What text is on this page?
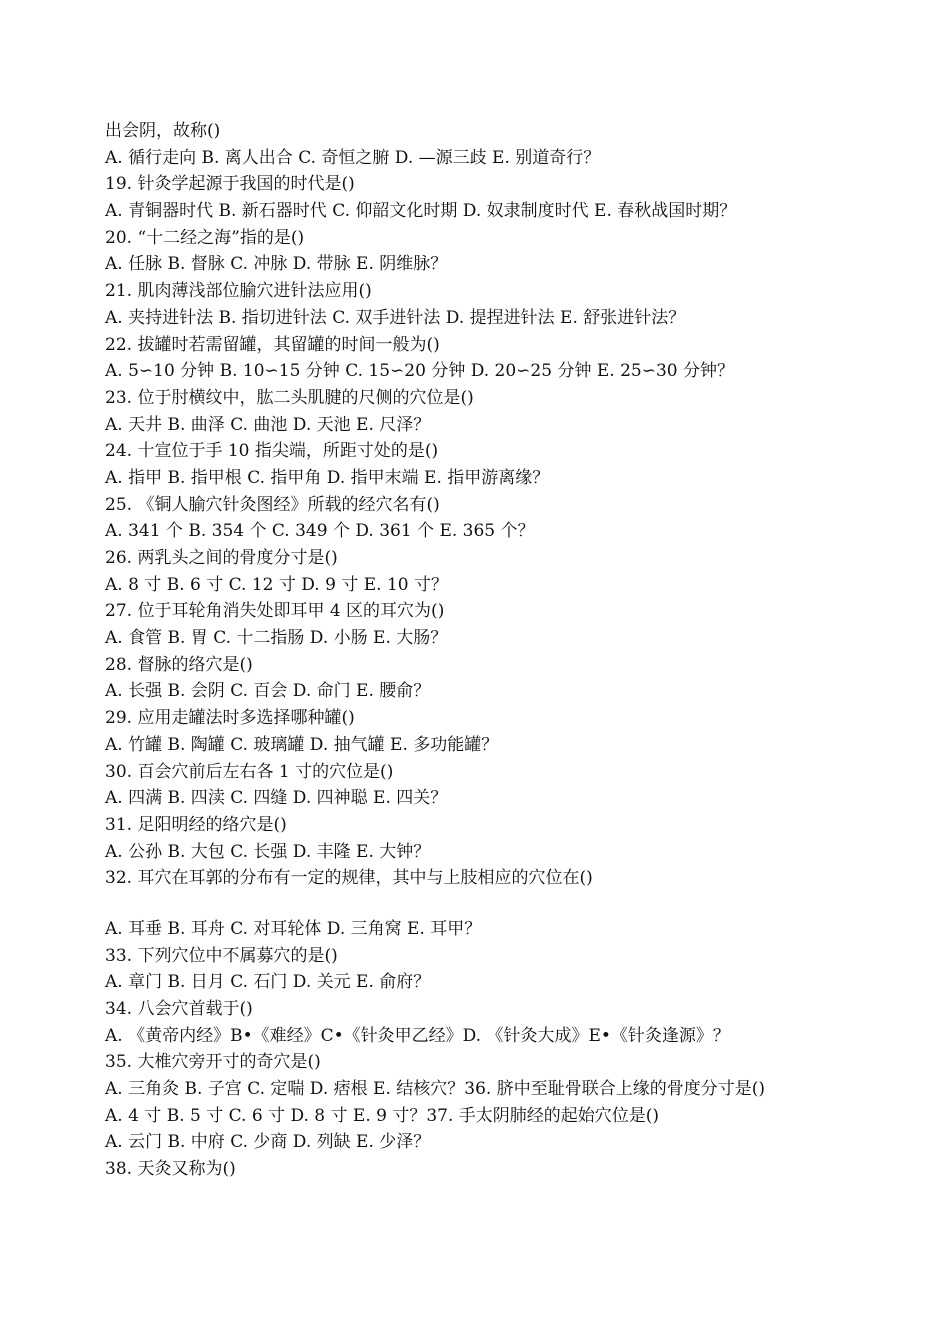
出会阴，故称()
A. 循行走向 B. 离人出合 C. 奇恒之腑 D. —源三歧 E. 别道奇行？
19. 针灸学起源于我国的时代是()
A. 青铜器时代 B. 新石器时代 C. 仰韶文化时期 D. 奴隶制度时代 E. 春秋战国时期？
20. “十二经之海”指的是()
A. 任脉 B. 督脉 C. 冲脉 D. 带脉 E. 阴维脉？
21. 肌肉薄浅部位腧穴进针法应用()
A. 夹持进针法 B. 指切进针法 C. 双手进针法 D. 提捏进针法 E. 舒张进针法？
22. 拔罐时若需留罐，其留罐的时间一般为()
A. 5∽10 分钟 B. 10∽15 分钟 C. 15∽20 分钟 D. 20∽25 分钟 E. 25∽30 分钟？
23. 位于肘横纹中，肱二头肌腱的尺侧的穴位是()
A. 天井 B. 曲泽 C. 曲池 D. 天池 E. 尺泽？
24. 十宣位于手 10 指尖端，所距寸处的是()
A. 指甲 B. 指甲根 C. 指甲角 D. 指甲末端 E. 指甲游离缘？
25. 《铜人腧穴针灸图经》所载的经穴名有()
A. 341 个 B. 354 个 C. 349 个 D. 361 个 E. 365 个？
26. 两乳头之间的骨度分寸是()
A. 8 寸 B. 6 寸 C. 12 寸 D. 9 寸 E. 10 寸？
27. 位于耳轮角消失处即耳甲 4 区的耳穴为()
A. 食管 B. 胃 C. 十二指肠 D. 小肠 E. 大肠？
28. 督脉的络穴是()
A. 长强 B. 会阴 C. 百会 D. 命门 E. 腰俞？
29. 应用走罐法时多选择哪种罐()
A. 竹罐 B. 陶罐 C. 玻璃罐 D. 抽气罐 E. 多功能罐？
30. 百会穴前后左右各 1 寸的穴位是()
A. 四满 B. 四渎 C. 四缝 D. 四神聪 E. 四关？
31. 足阳明经的络穴是()
A. 公孙 B. 大包 C. 长强 D. 丰隆 E. 大钟？
32. 耳穴在耳郭的分布有一定的规律，其中与上肢相应的穴位在()
A. 耳垂 B. 耳舟 C. 对耳轮体 D. 三角窝 E. 耳甲？
33. 下列穴位中不属募穴的是()
A. 章门 B. 日月 C. 石门 D. 关元 E. 俞府？
34. 八会穴首载于()
A. 《黄帝内经》B•《难经》C•《针灸甲乙经》D. 《针灸大成》E•《针灸逢源》？
35. 大椎穴旁开寸的奇穴是()
A. 三角灸 B. 子宫 C. 定喘 D. 痞根 E. 结核穴？36. 脐中至耻骨联合上缘的骨度分寸是()
A. 4 寸 B. 5 寸 C. 6 寸 D. 8 寸 E. 9 寸？37. 手太阴肺经的起始穴位是()
A. 云门 B. 中府 C. 少商 D. 列缺 E. 少泽？
38. 天灸又称为()
